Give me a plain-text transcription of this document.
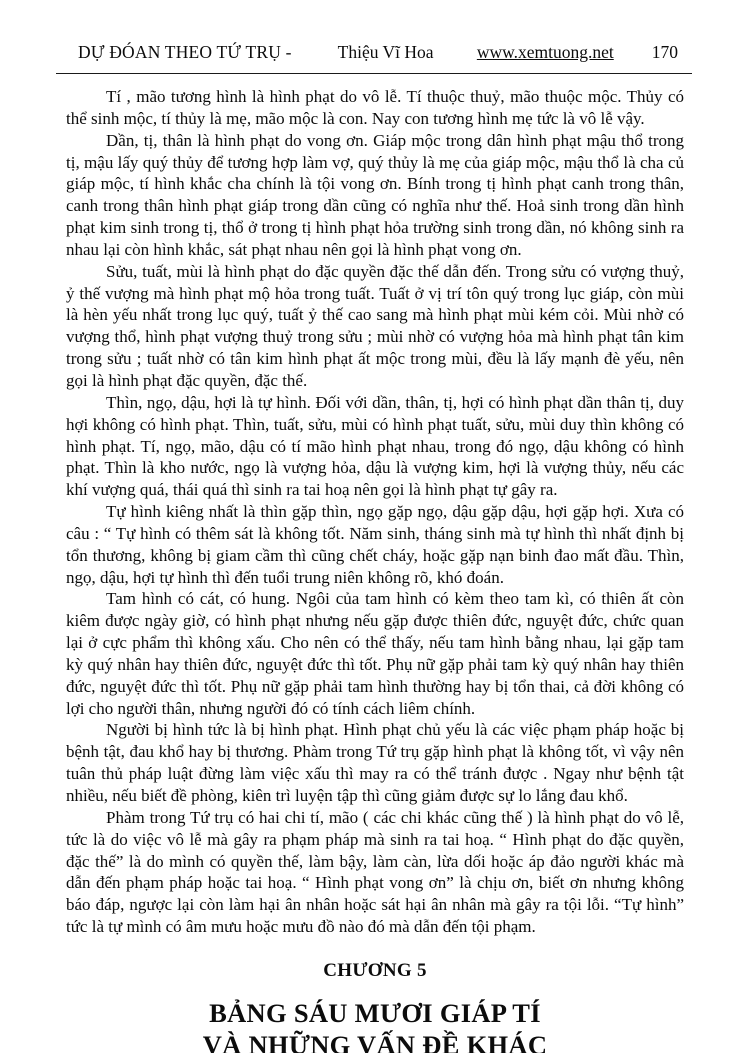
DỰ ĐÓAN THEO TỨ TRỤ -	Thiệu Vĩ Hoa www.xemtuong.net 170

Tí , mão tương hình là hình phạt do vô lễ. Tí thuộc thuỷ, mão thuộc mộc. Thủy có thể sinh mộc, tí thủy là mẹ, mão mộc là con. Nay con tương hình mẹ tức là vô lễ vậy.

Dần, tị, thân là hình phạt do vong ơn. Giáp mộc trong dân hình phạt mậu thổ trong tị, mậu lấy quý thủy để tương hợp làm vợ, quý thủy là mẹ của giáp mộc, mậu thổ là cha củ giáp mộc, tí hình khắc cha chính là tội vong ơn. Bính trong tị hình phạt canh trong thân, canh trong thân hình phạt giáp trong dần cũng có nghĩa như thế. Hoả sinh trong dần hình phạt kim sinh trong tị, thổ ở trong tị hình phạt hỏa trường sinh trong dần, nó không sinh ra nhau lại còn hình khắc, sát phạt nhau nên gọi là hình phạt vong ơn.

Sửu, tuất, mùi là hình phạt do đặc quyền đặc thế dẫn đến. Trong sửu có vượng thuỷ, ỷ thế vượng mà hình phạt mộ hỏa trong tuất. Tuất ở vị trí tôn quý trong lục giáp, còn mùi là hèn yếu nhất trong lục quý, tuất ỷ thế cao sang mà hình phạt mùi kém cỏi. Mùi nhờ có vượng thổ, hình phạt vượng thuỷ trong sửu ; mùi nhờ có vượng hỏa mà hình phạt tân kim trong sửu ; tuất nhờ có tân kim hình phạt ất mộc trong mùi, đều là lấy mạnh đè yếu, nên gọi là hình phạt đặc quyền, đặc thế.

Thìn, ngọ, dậu, hợi là tự hình. Đối với dần, thân, tị, hợi có hình phạt dần thân tị, duy hợi không có hình phạt. Thìn, tuất, sửu, mùi có hình phạt tuất, sửu, mùi duy thìn không có hình phạt. Tí, ngọ, mão, dậu có tí mão hình phạt nhau, trong đó ngọ, dậu không có hình phạt. Thìn là kho nước, ngọ là vượng hỏa, dậu là vượng kim, hợi là vượng thủy, nếu các khí vượng quá, thái quá thì sinh ra tai hoạ nên gọi là hình phạt tự gây ra.

Tự hình kiêng nhất là thìn gặp thìn, ngọ gặp ngọ, dậu gặp dậu, hợi gặp hợi. Xưa có câu : “ Tự hình có thêm sát là không tốt. Năm sinh, tháng sinh mà tự hình thì nhất định bị tổn thương, không bị giam cầm thì cũng chết cháy, hoặc gặp nạn binh đao mất đầu. Thìn, ngọ, dậu, hợi tự hình thì đến tuổi trung niên không rõ, khó đoán.

Tam hình có cát, có hung. Ngôi của tam hình có kèm theo tam kì, có thiên ất còn kiêm được ngày giờ, có hình phạt nhưng nếu gặp được thiên đức, nguyệt đức, chức quan lại ở cực phẩm thì không xấu. Cho nên có thể thấy, nếu tam hình bằng nhau, lại gặp tam kỳ quý nhân hay thiên đức, nguyệt đức thì tốt. Phụ nữ gặp phải tam kỳ quý nhân hay thiên đức, nguyệt đức thì tốt. Phụ nữ gặp phải tam hình thường hay bị tổn thai, cả đời không có lợi cho người thân, nhưng người đó có tính cách liêm chính.

Người bị hình tức là bị hình phạt. Hình phạt chủ yếu là các việc phạm pháp hoặc bị bệnh tật, đau khổ hay bị thương. Phàm trong Tứ trụ gặp hình phạt là không tốt, vì vậy nên tuân thủ pháp luật đừng làm việc xấu thì may ra có thể tránh được . Ngay như bệnh tật nhiều, nếu biết đề phòng, kiên trì luyện tập thì cũng giảm được sự lo lắng đau khổ.

Phàm trong Tứ trụ có hai chi tí, mão ( các chi khác cũng thế ) là hình phạt do vô lễ, tức là do việc vô lễ mà gây ra phạm pháp mà sinh ra tai hoạ. “ Hình phạt do đặc quyền, đặc thế” là do mình có quyền thế, làm bậy, làm càn, lừa dối hoặc áp đảo người khác mà dẫn đến phạm pháp hoặc tai hoạ. “ Hình phạt vong ơn” là chịu ơn, biết ơn nhưng không báo đáp, ngược lại còn làm hại ân nhân hoặc sát hại ân nhân mà gây ra tội lỗi. “Tự hình” tức là tự mình có âm mưu hoặc mưu đồ nào đó mà dẫn đến tội phạm.

CHƯƠNG 5
BẢNG SÁU MƯƠI GIÁP TÍ
VÀ NHỮNG VẤN ĐỀ KHÁC
